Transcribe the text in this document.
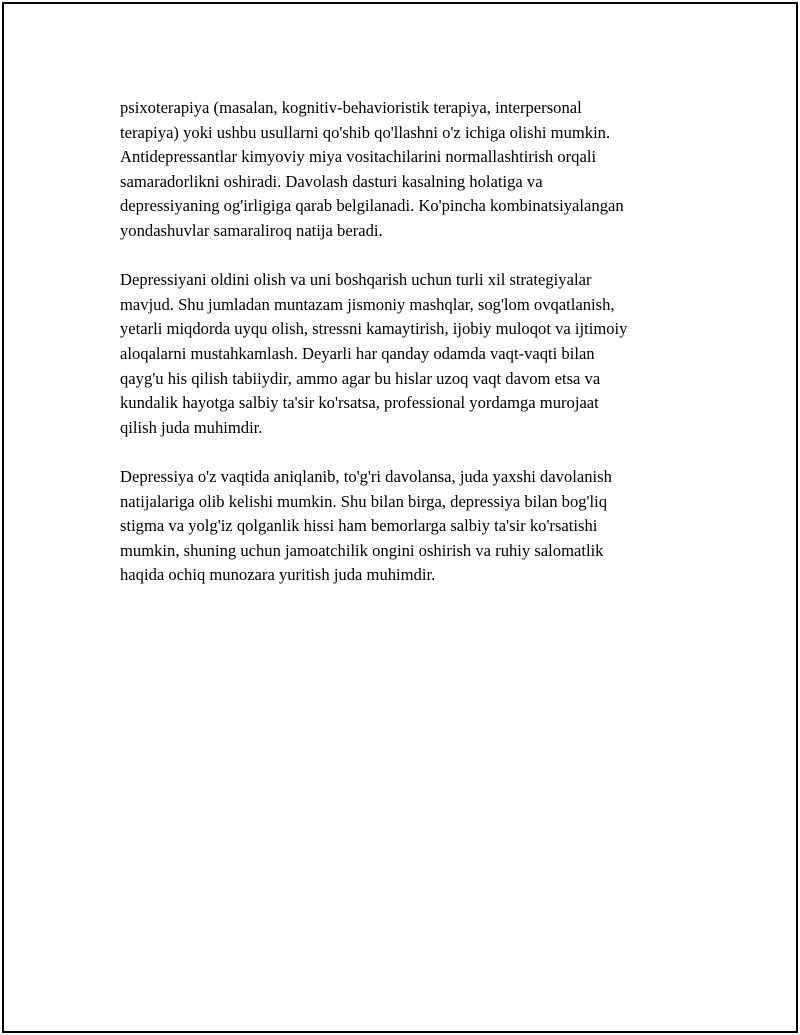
psixoterapiya (masalan, kognitiv-behavioristik terapiya, interpersonal
terapiya) yoki ushbu usullarni qo'shib qo'llashni o'z ichiga olishi mumkin.
Antidepressantlar kimyoviy miya vositachilarini normallashtirish orqali
samaradorlikni oshiradi. Davolash dasturi kasalning holatiga va
depressiyaning og'irligiga qarab belgilanadi. Ko'pincha kombinatsiyalangan
yondashuvlar samaraliroq natija beradi.

Depressiyani oldini olish va uni boshqarish uchun turli xil strategiyalar
mavjud. Shu jumladan muntazam jismoniy mashqlar, sog'lom ovqatlanish,
yetarli miqdorda uyqu olish, stressni kamaytirish, ijobiy muloqot va ijtimoiy
aloqalarni mustahkamlash. Deyarli har qanday odamda vaqt-vaqti bilan
qayg'u his qilish tabiiydir, ammo agar bu hislar uzoq vaqt davom etsa va
kundalik hayotga salbiy ta'sir ko'rsatsa, professional yordamga murojaat
qilish juda muhimdir.

Depressiya o'z vaqtida aniqlanib, to'g'ri davolansa, juda yaxshi davolanish
natijalariga olib kelishi mumkin. Shu bilan birga, depressiya bilan bog'liq
stigma va yolg'iz qolganlik hissi ham bemorlarga salbiy ta'sir ko'rsatishi
mumkin, shuning uchun jamoatchilik ongini oshirish va ruhiy salomatlik
haqida ochiq munozara yuritish juda muhimdir.
